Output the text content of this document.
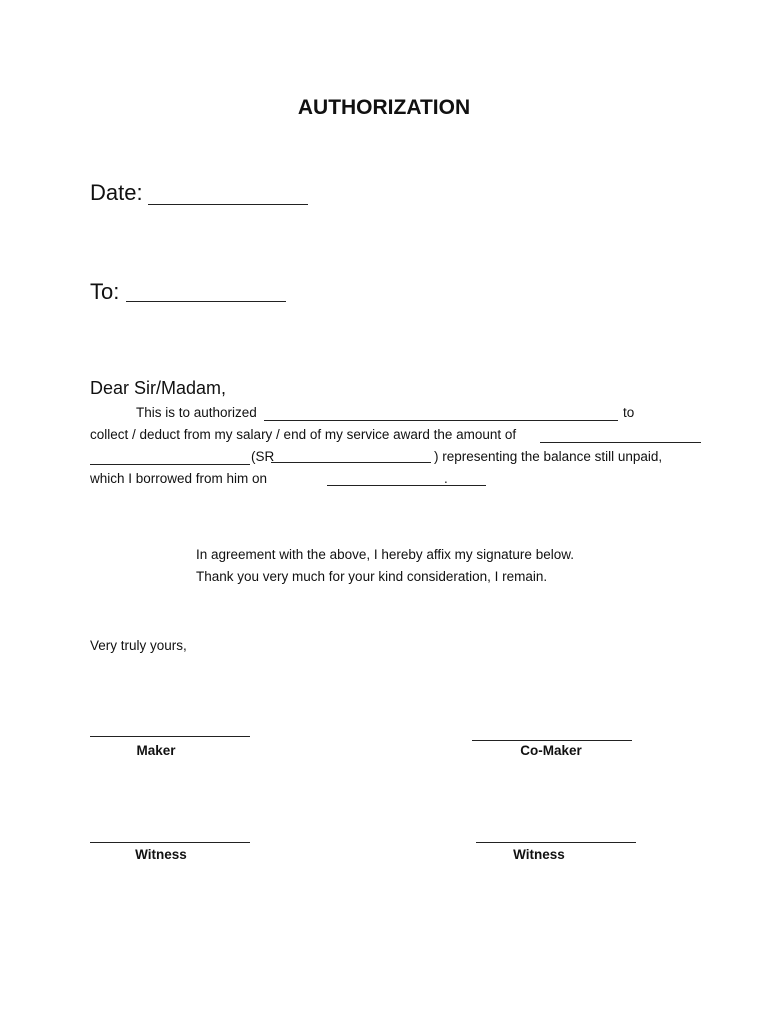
AUTHORIZATION
Date:
To:
Dear Sir/Madam,
This is to authorized	to
collect / deduct from my salary / end of my service award the amount of
(SR	) representing the balance still unpaid,
which I borrowed from him on	.
In agreement with the above, I hereby affix my signature below.
Thank you very much for your kind consideration, I remain.
Very truly yours,
Maker	Co-Maker
Witness	Witness
